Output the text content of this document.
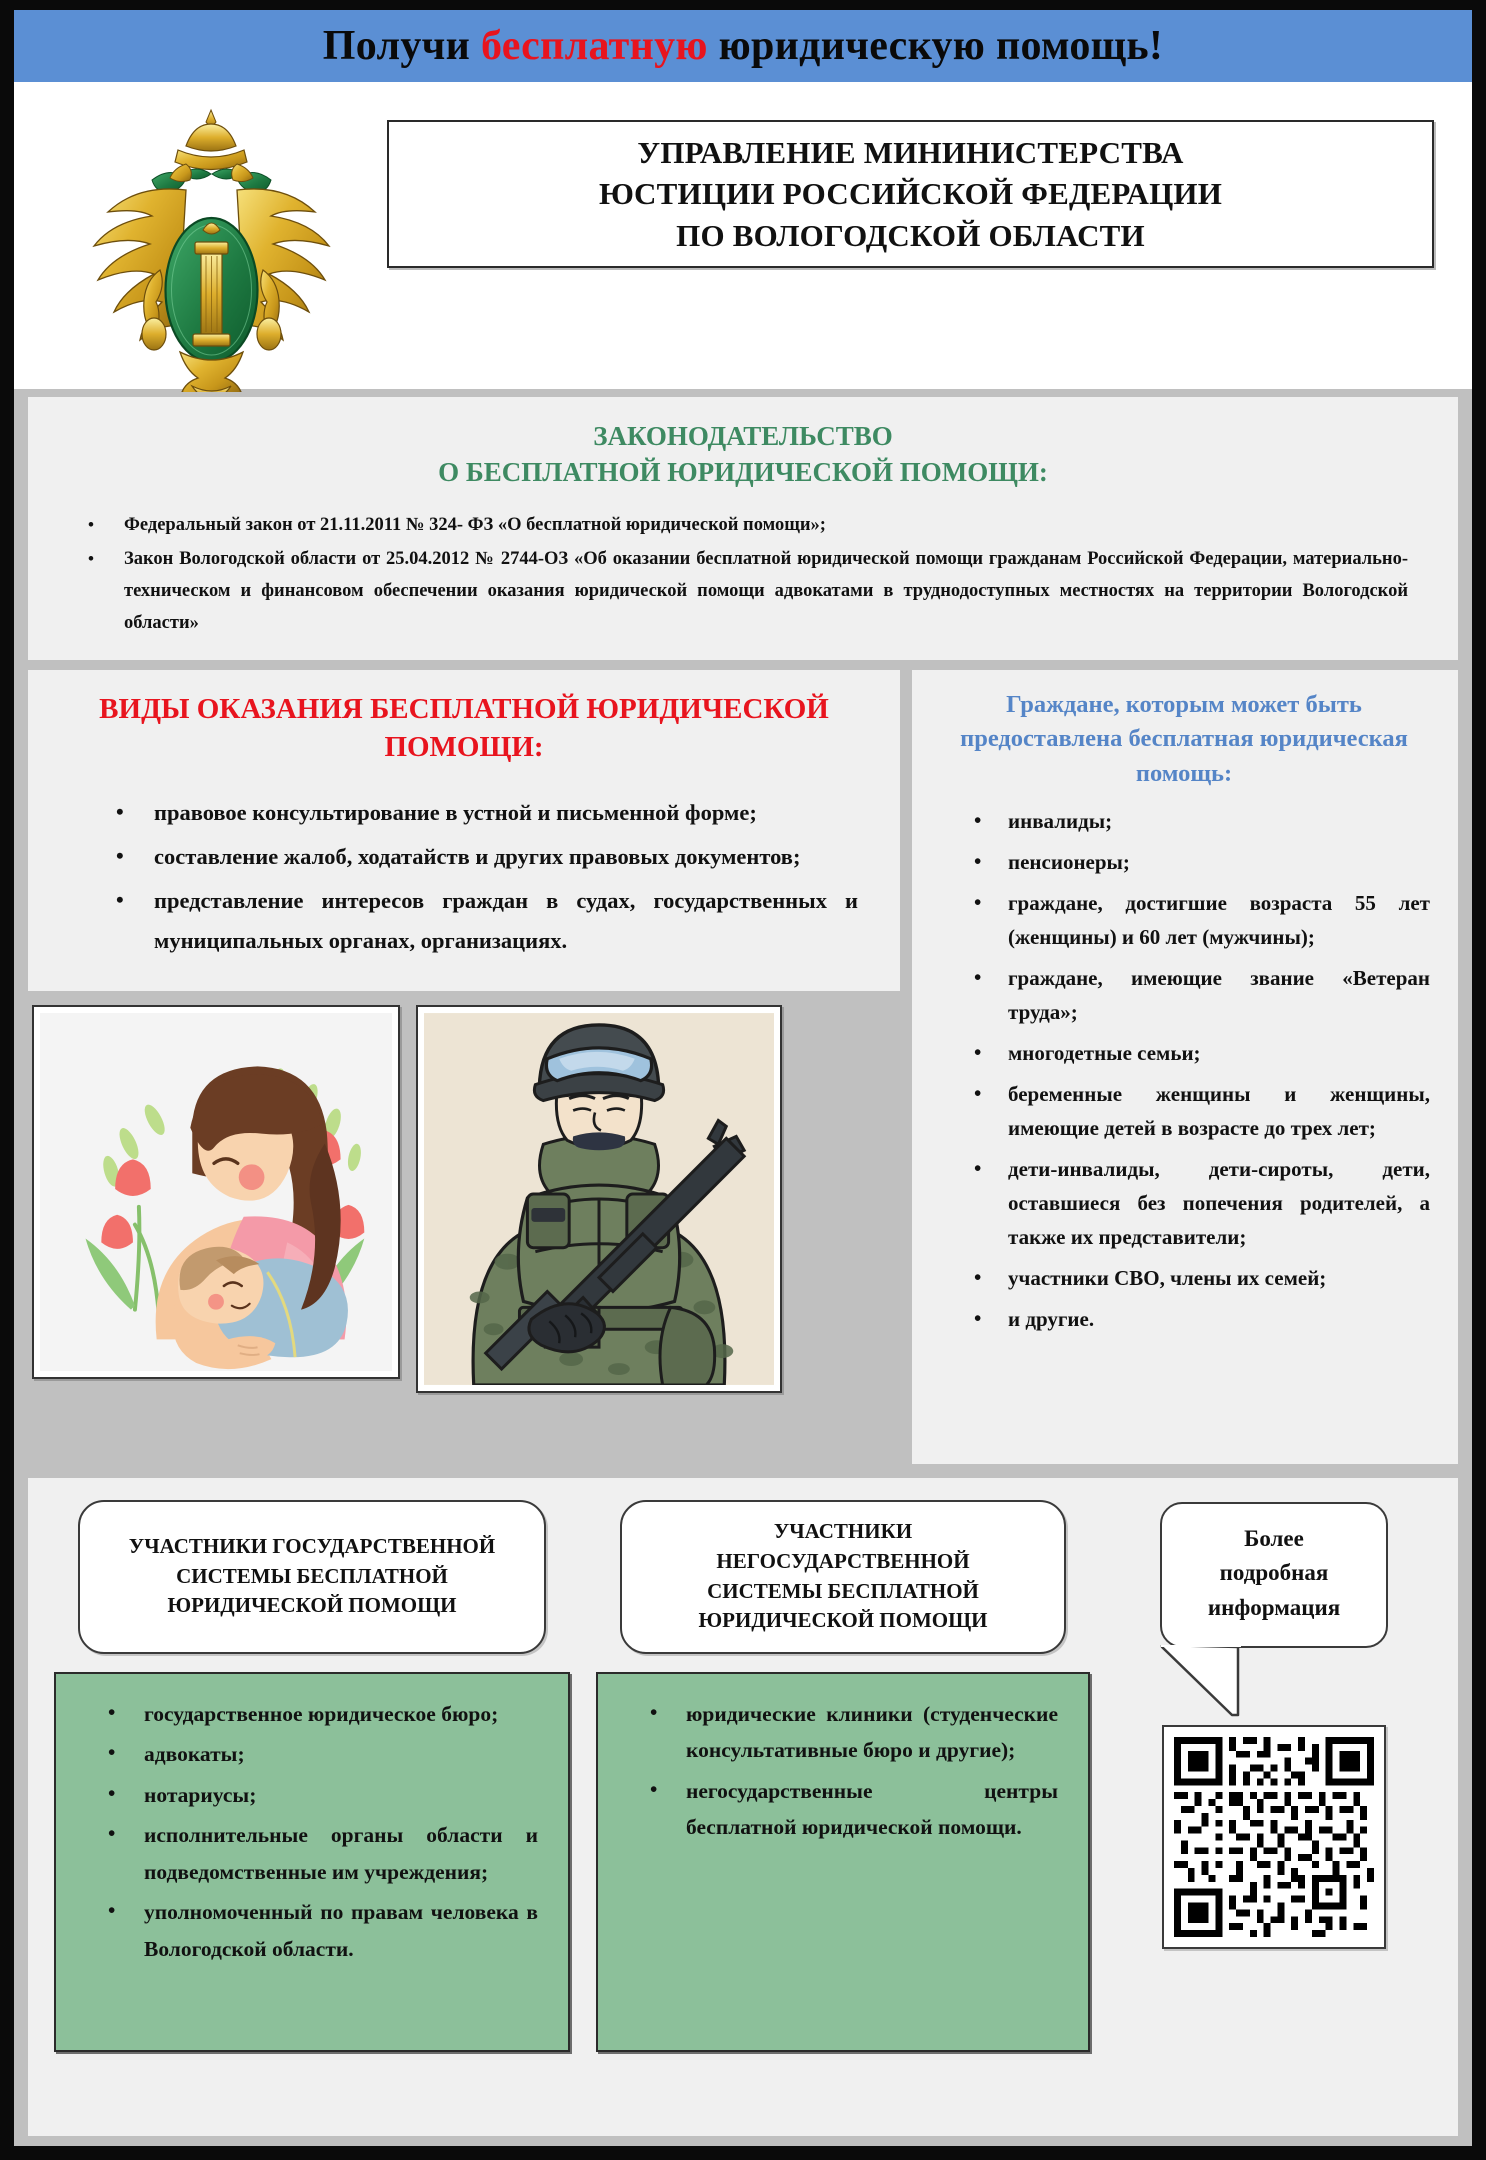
Получи бесплатную юридическую помощь!
УПРАВЛЕНИЕ МИНИНИСТЕРСТВА
ЮСТИЦИИ РОССИЙСКОЙ ФЕДЕРАЦИИ
ПО ВОЛОГОДСКОЙ ОБЛАСТИ
ЗАКОНОДАТЕЛЬСТВО
О БЕСПЛАТНОЙ ЮРИДИЧЕСКОЙ ПОМОЩИ:
• Федеральный закон от 21.11.2011 № 324- ФЗ «О бесплатной юридической помощи»;
• Закон Вологодской области от 25.04.2012 № 2744-ОЗ «Об оказании бесплатной юридической помощи гражданам Российской Федерации, материально-техническом и финансовом обеспечении оказания юридической помощи адвокатами в труднодоступных местностях на территории Вологодской области»
ВИДЫ ОКАЗАНИЯ БЕСПЛАТНОЙ ЮРИДИЧЕСКОЙ ПОМОЩИ:
• правовое консультирование в устной и письменной форме;
• составление жалоб, ходатайств и других правовых документов;
• представление интересов граждан в судах, государственных и муниципальных органах, организациях.
Граждане, которым может быть предоставлена бесплатная юридическая помощь:
• инвалиды;
• пенсионеры;
• граждане, достигшие возраста 55 лет (женщины) и 60 лет (мужчины);
• граждане, имеющие звание «Ветеран труда»;
• многодетные семьи;
• беременные женщины и женщины, имеющие детей в возрасте до трех лет;
• дети-инвалиды, дети-сироты, дети, оставшиеся без попечения родителей, а также их представители;
• участники СВО, члены их семей;
• и другие.
УЧАСТНИКИ ГОСУДАРСТВЕННОЙ
СИСТЕМЫ БЕСПЛАТНОЙ
ЮРИДИЧЕСКОЙ ПОМОЩИ
• государственное юридическое бюро;
• адвокаты;
• нотариусы;
• исполнительные органы области и подведомственные им учреждения;
• уполномоченный по правам человека в Вологодской области.
УЧАСТНИКИ
НЕГОСУДАРСТВЕННОЙ
СИСТЕМЫ БЕСПЛАТНОЙ
ЮРИДИЧЕСКОЙ ПОМОЩИ
• юридические клиники (студенческие консультативные бюро и другие);
• негосударственные центры бесплатной юридической помощи.
Более
подробная
информация
